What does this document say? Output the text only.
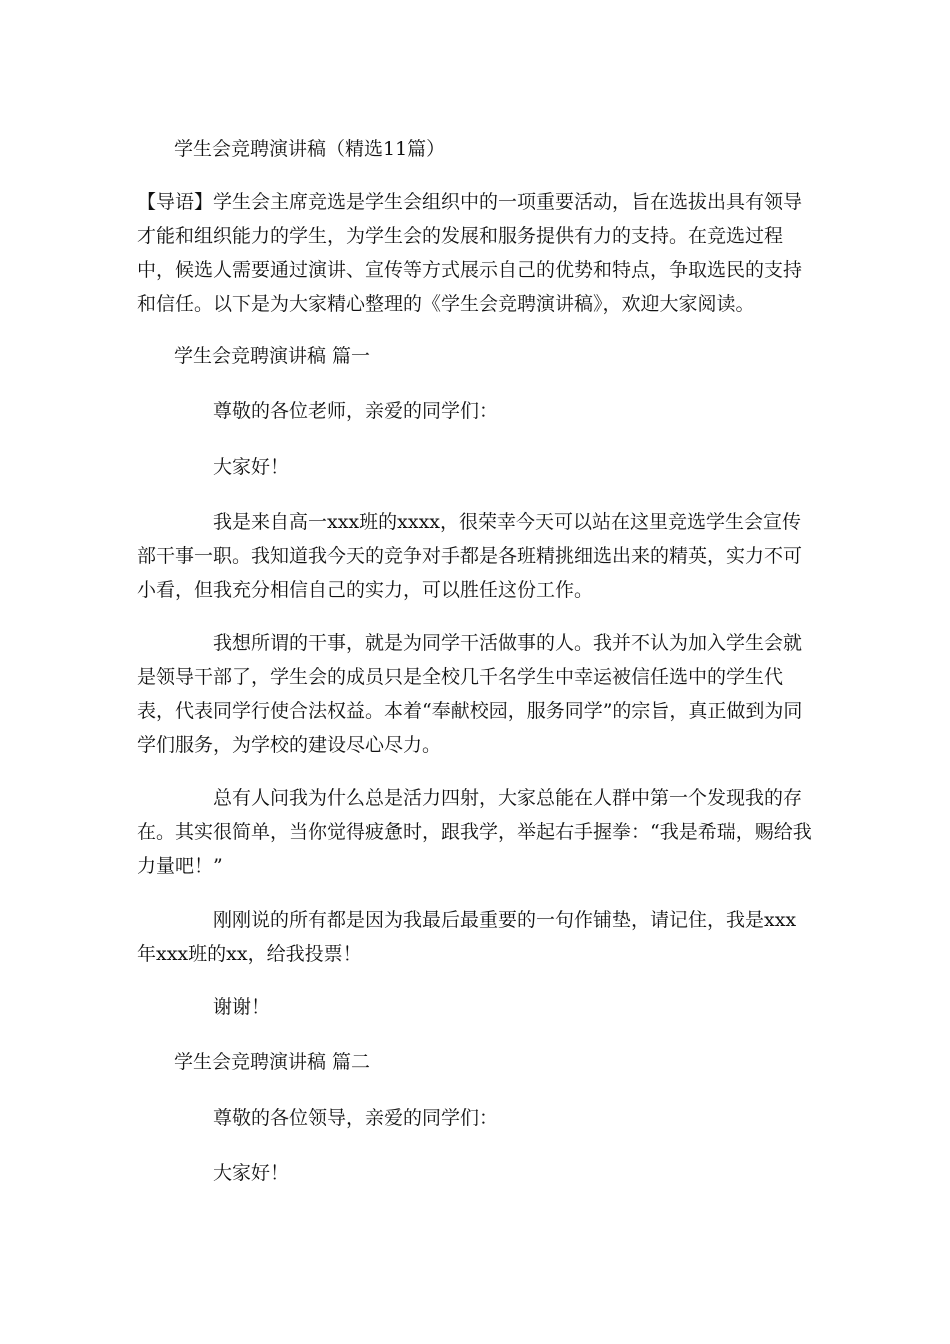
学生会竞聘演讲稿（精选11篇）

【导语】学生会主席竞选是学生会组织中的一项重要活动，旨在选拔出具有领导才能和组织能力的学生，为学生会的发展和服务提供有力的支持。在竞选过程中，候选人需要通过演讲、宣传等方式展示自己的优势和特点，争取选民的支持和信任。以下是为大家精心整理的《学生会竞聘演讲稿》，欢迎大家阅读。

学生会竞聘演讲稿 篇一

尊敬的各位老师，亲爱的同学们：

大家好！

我是来自高一xxx班的xxxx，很荣幸今天可以站在这里竞选学生会宣传部干事一职。我知道我今天的竞争对手都是各班精挑细选出来的精英，实力不可小看，但我充分相信自己的实力，可以胜任这份工作。

我想所谓的干事，就是为同学干活做事的人。我并不认为加入学生会就是领导干部了，学生会的成员只是全校几千名学生中幸运被信任选中的学生代表，代表同学行使合法权益。本着“奉献校园，服务同学”的宗旨，真正做到为同学们服务，为学校的建设尽心尽力。

总有人问我为什么总是活力四射，大家总能在人群中第一个发现我的存在。其实很简单，当你觉得疲惫时，跟我学，举起右手握拳：“我是希瑞，赐给我力量吧！”

刚刚说的所有都是因为我最后最重要的一句作铺垫，请记住，我是xxx年xxx班的xx，给我投票！

谢谢！

学生会竞聘演讲稿 篇二

尊敬的各位领导，亲爱的同学们：

大家好！
